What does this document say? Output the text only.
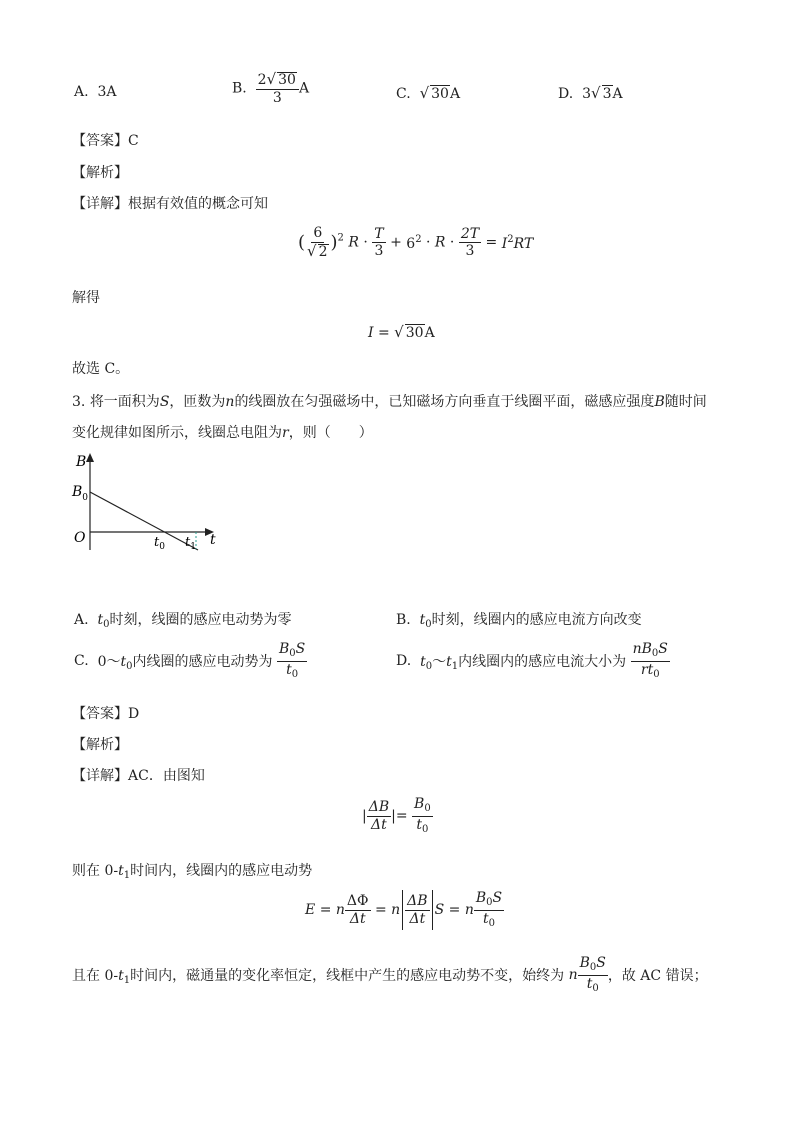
A. 3A	B. $\frac{2√ 30}{3}$ A	C. √ 30A	D. 3√ 3A
【答案】C
【解析】
【详解】根据有效值的概念可知
( $\frac{6}{√ 2} )^2$ $R \cdot \frac{T}{3} + 6^2 \cdot R \cdot \frac{2T}{3} = I^2RT$
解得
I = √ 30A
故选 C。
3. 将一面积为S，匝数为n的线圈放在匀强磁场中，已知磁场方向垂直于线圈平面，磁感应强度B随时间
变化规律如图所示，线圈总电阻为r，则（　　）
B
$B_0$
O	t
$t_0$ $t_1$
A. $t_0$时刻，线圈的感应电动势为零	B. $t_0$时刻，线圈内的感应电流方向改变
C. $0\sim t_0$内线圈的感应电动势为 $\frac{B_0S}{t_0}$	D. $t_0\sim t_1$内线圈内的感应电流大小为 $\frac{nB_0S}{rt_0}$
【答案】D
【解析】
【详解】AC．由图知
| $\frac{\Delta B}{\Delta t}$ |= $\frac{B_0}{t_0}$
则在 $0-t_1$时间内，线圈内的感应电动势
E = n $\frac{\Delta\Phi}{\Delta t} = n \frac{\Delta B}{\Delta t}$ S = n $\frac{B_0S}{t_0}$
且在 $0-t_1$时间内，磁通量的变化率恒定，线框中产生的感应电动势不变，始终为 n $\frac{B_0S}{t_0}$ ，故 AC 错误；
